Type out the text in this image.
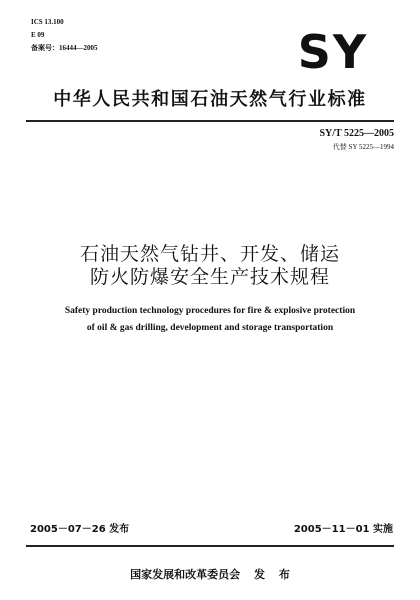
ICS 13.100
E 09
备案号：16444—2005	SY
中华人民共和国石油天然气行业标准
SY/T 5225—2005
代替 SY 5225—1994
石油天然气钻井、开发、储运
防火防爆安全生产技术规程
Safety production technology procedures for fire & explosive protection
of oil & gas drilling, development and storage transportation
2005－07－26 发布	2005－11－01 实施
国家发展和改革委员会 发 布
